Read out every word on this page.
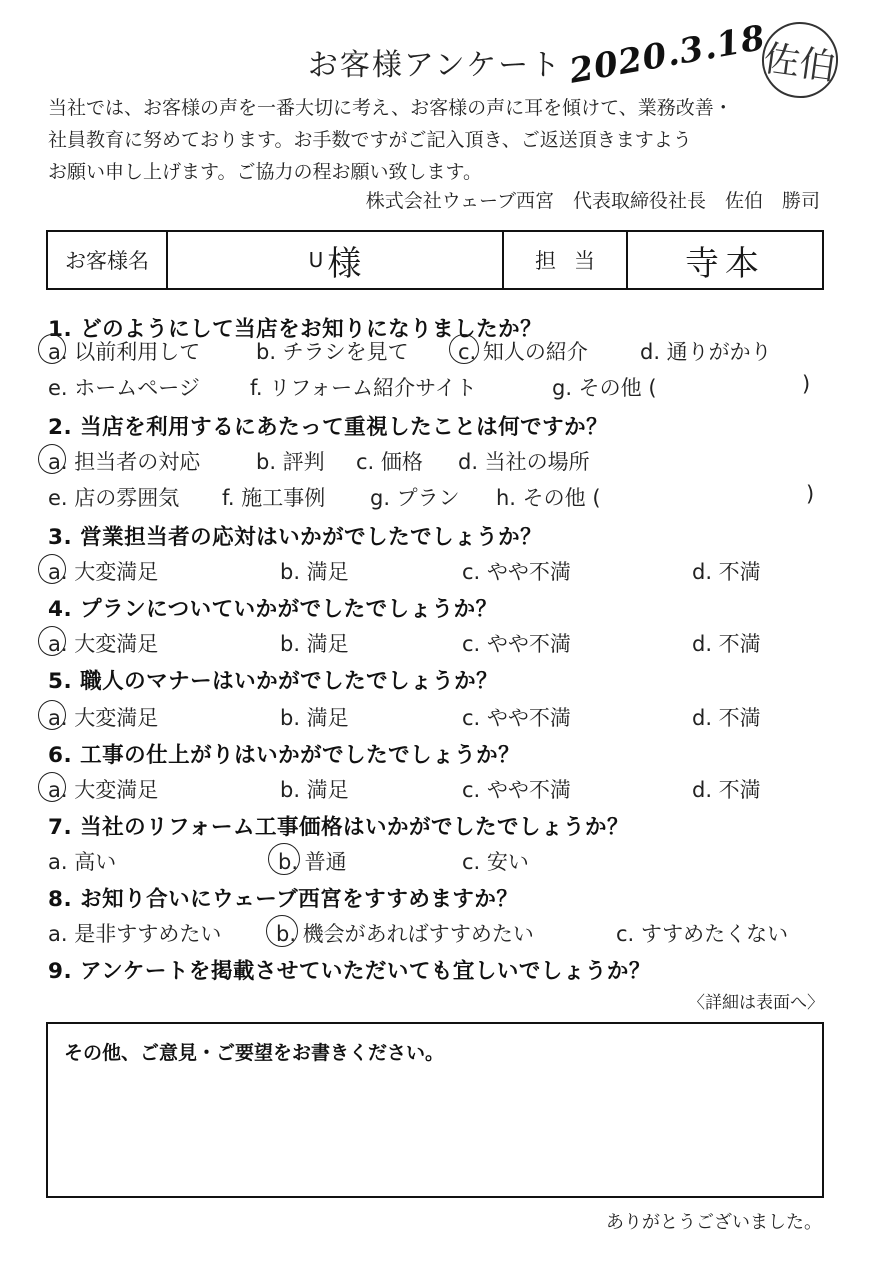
お客様アンケート 2020.3.18
佐伯
当社では、お客様の声を一番大切に考え、お客様の声に耳を傾けて、業務改善・
社員教育に努めております。お手数ですがご記入頂き、ご返送頂きますよう
お願い申し上げます。ご協力の程お願い致します。
株式会社ウェーブ西宮　代表取締役社長　佐伯　勝司
お客様名	U 様	担当	寺本
1. どのようにして当店をお知りになりましたか？
a. 以前利用して	b. チラシを見て c. 知人の紹介 d. 通りがかり
e. ホームページ f. リフォーム紹介サイト	g. その他 (	)
2. 当店を利用するにあたって重視したことは何ですか？
a. 担当者の対応	b. 評判 c. 価格 d. 当社の場所
e. 店の雰囲気 f. 施工事例 g. プラン h. その他 (	)
3. 営業担当者の応対はいかがでしたでしょうか？
a. 大変満足	b. 満足	c. やや不満	d. 不満
4. プランについていかがでしたでしょうか？
a. 大変満足	b. 満足	c. やや不満	d. 不満
5. 職人のマナーはいかがでしたでしょうか？
a. 大変満足	b. 満足	c. やや不満	d. 不満
6. 工事の仕上がりはいかがでしたでしょうか？
a. 大変満足	b. 満足	c. やや不満	d. 不満
7. 当社のリフォーム工事価格はいかがでしたでしょうか？
a. 高い	b. 普通	c. 安い
8. お知り合いにウェーブ西宮をすすめますか？
a. 是非すすめたい	b. 機会があればすすめたい	c. すすめたくない
9. アンケートを掲載させていただいても宜しいでしょうか？
〈詳細は表面へ〉
その他、ご意見・ご要望をお書きください。
ありがとうございました。
